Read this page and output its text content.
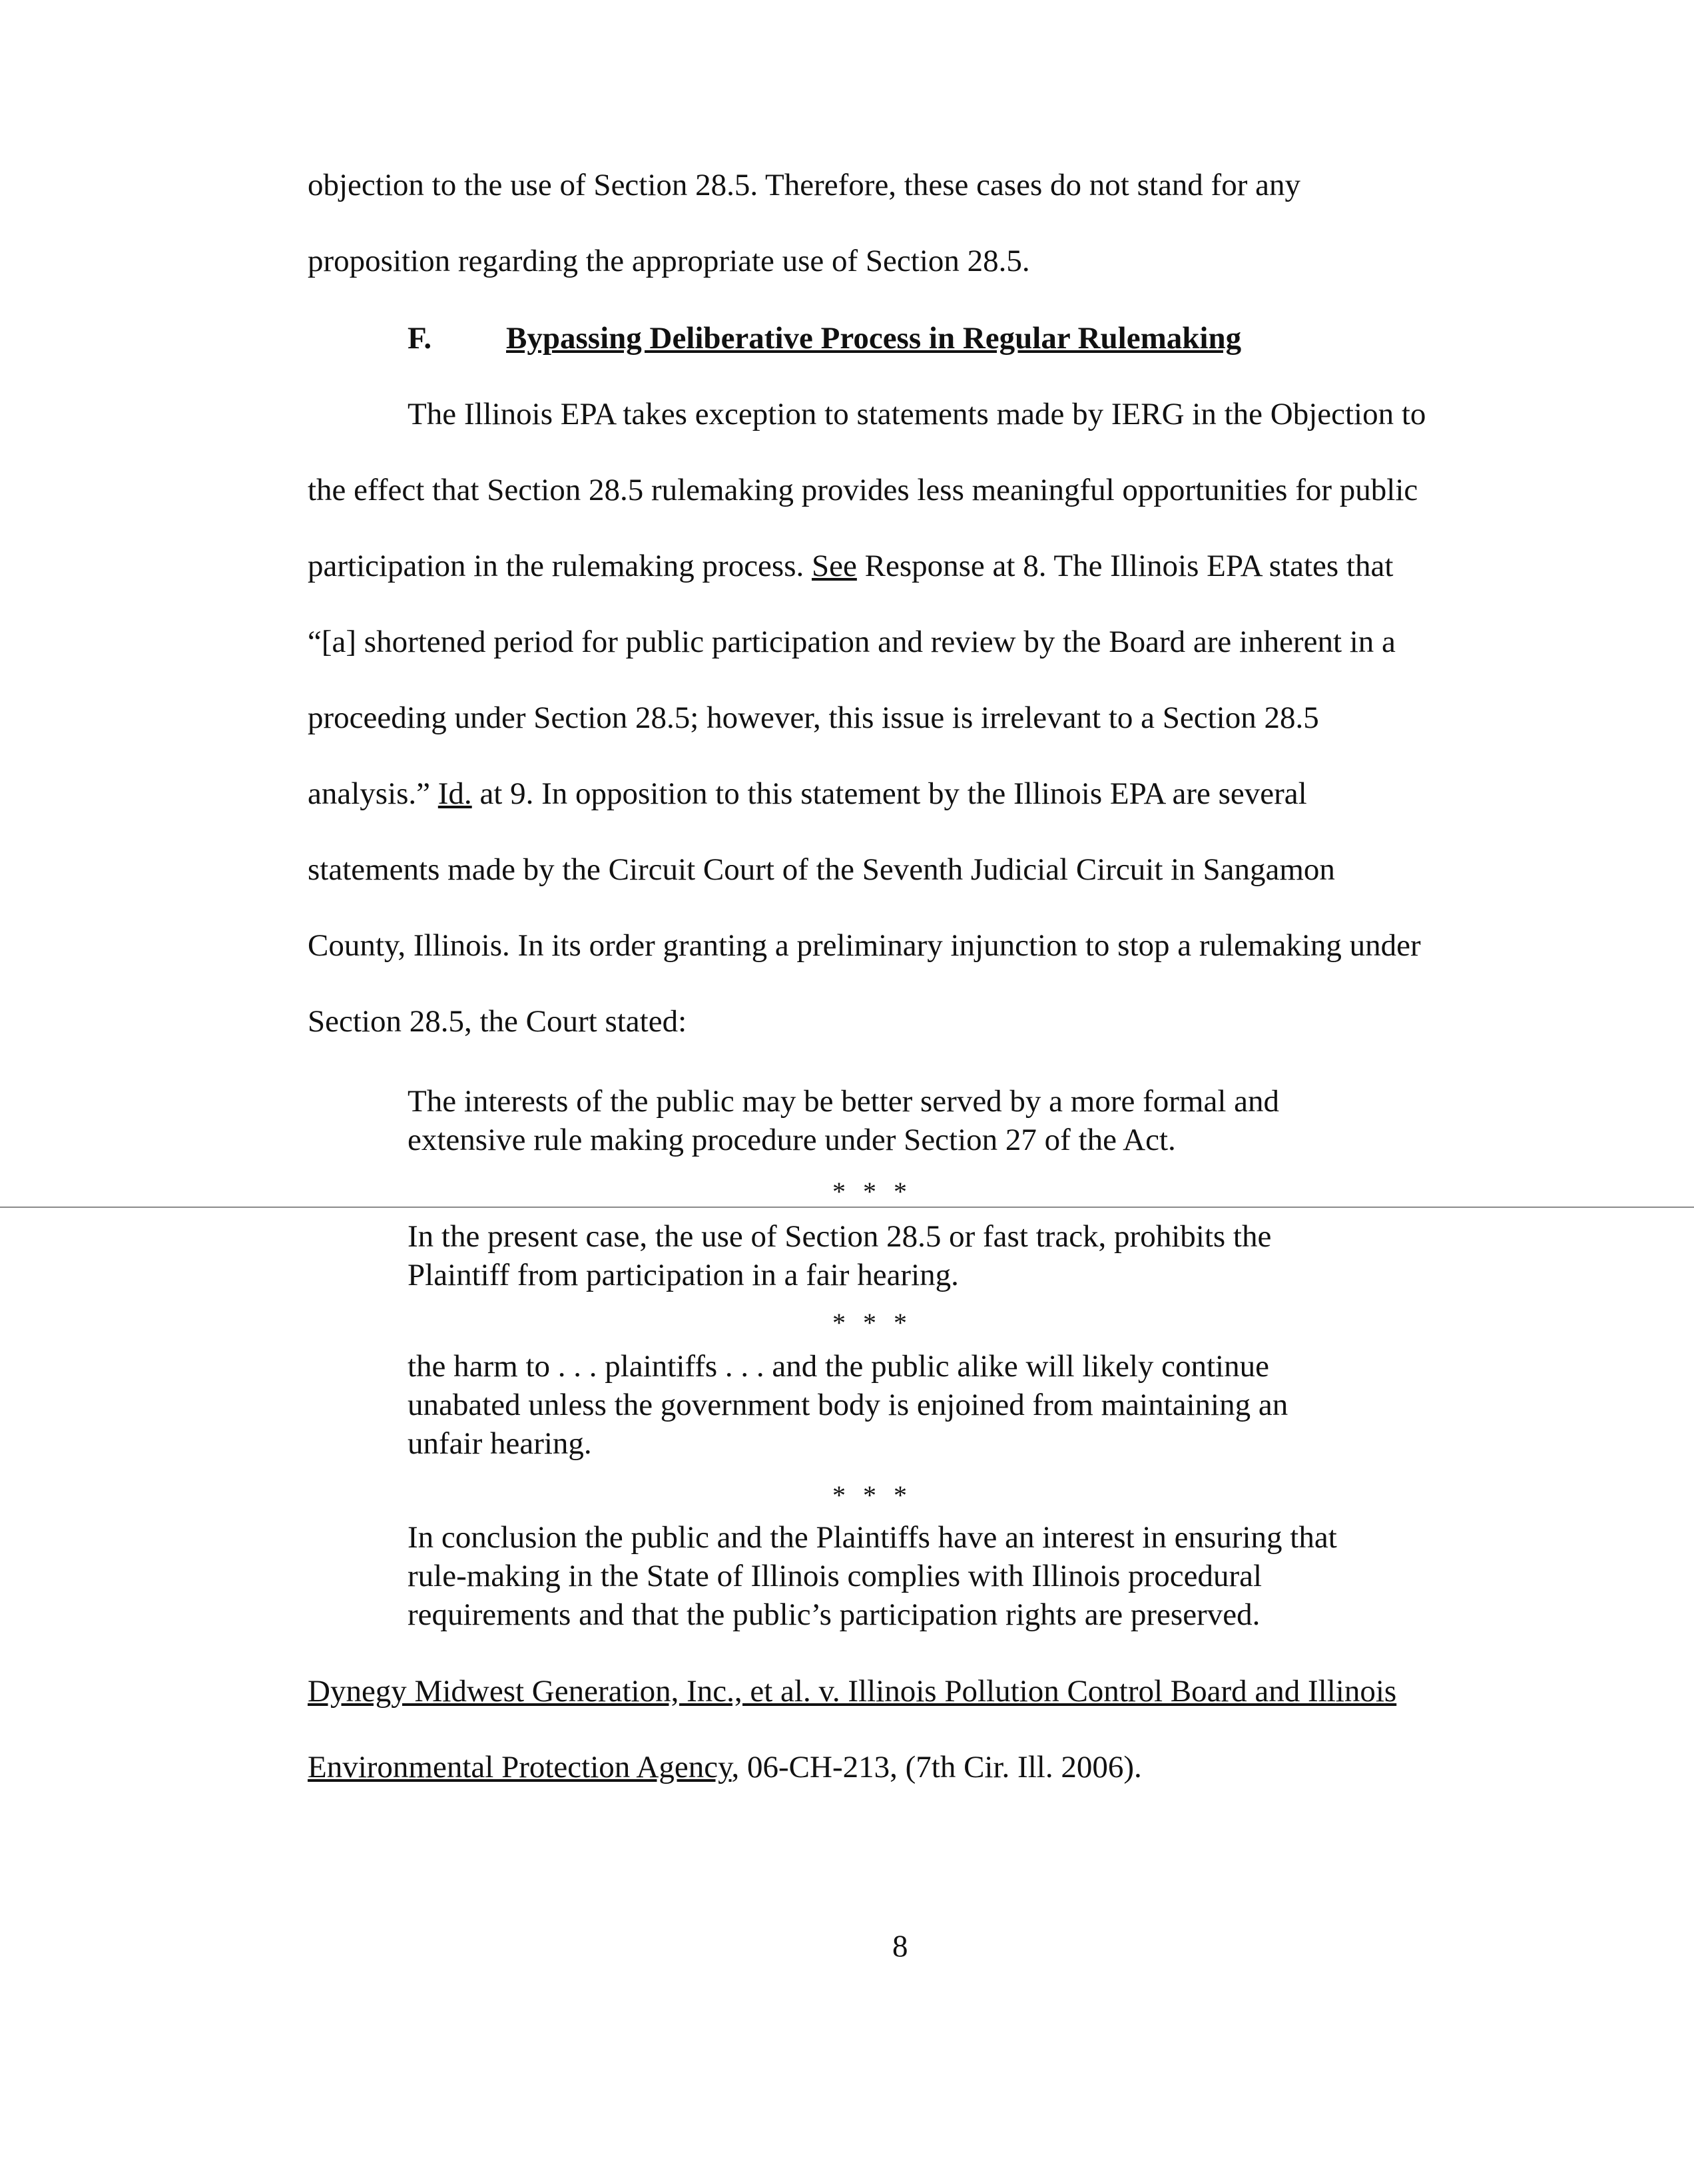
objection to the use of Section 28.5. Therefore, these cases do not stand for any
proposition regarding the appropriate use of Section 28.5.
F. Bypassing Deliberative Process in Regular Rulemaking
The Illinois EPA takes exception to statements made by IERG in the Objection to
the effect that Section 28.5 rulemaking provides less meaningful opportunities for public
participation in the rulemaking process. See Response at 8. The Illinois EPA states that
“[a] shortened period for public participation and review by the Board are inherent in a
proceeding under Section 28.5; however, this issue is irrelevant to a Section 28.5
analysis.” Id. at 9. In opposition to this statement by the Illinois EPA are several
statements made by the Circuit Court of the Seventh Judicial Circuit in Sangamon
County, Illinois. In its order granting a preliminary injunction to stop a rulemaking under
Section 28.5, the Court stated:
The interests of the public may be better served by a more formal and
extensive rule making procedure under Section 27 of the Act.
* * *
In the present case, the use of Section 28.5 or fast track, prohibits the
Plaintiff from participation in a fair hearing.
* * *
the harm to . . . plaintiffs . . . and the public alike will likely continue
unabated unless the government body is enjoined from maintaining an
unfair hearing.
* * *
In conclusion the public and the Plaintiffs have an interest in ensuring that
rule-making in the State of Illinois complies with Illinois procedural
requirements and that the public’s participation rights are preserved.
Dynegy Midwest Generation, Inc., et al. v. Illinois Pollution Control Board and Illinois
Environmental Protection Agency, 06-CH-213, (7th Cir. Ill. 2006).
8
